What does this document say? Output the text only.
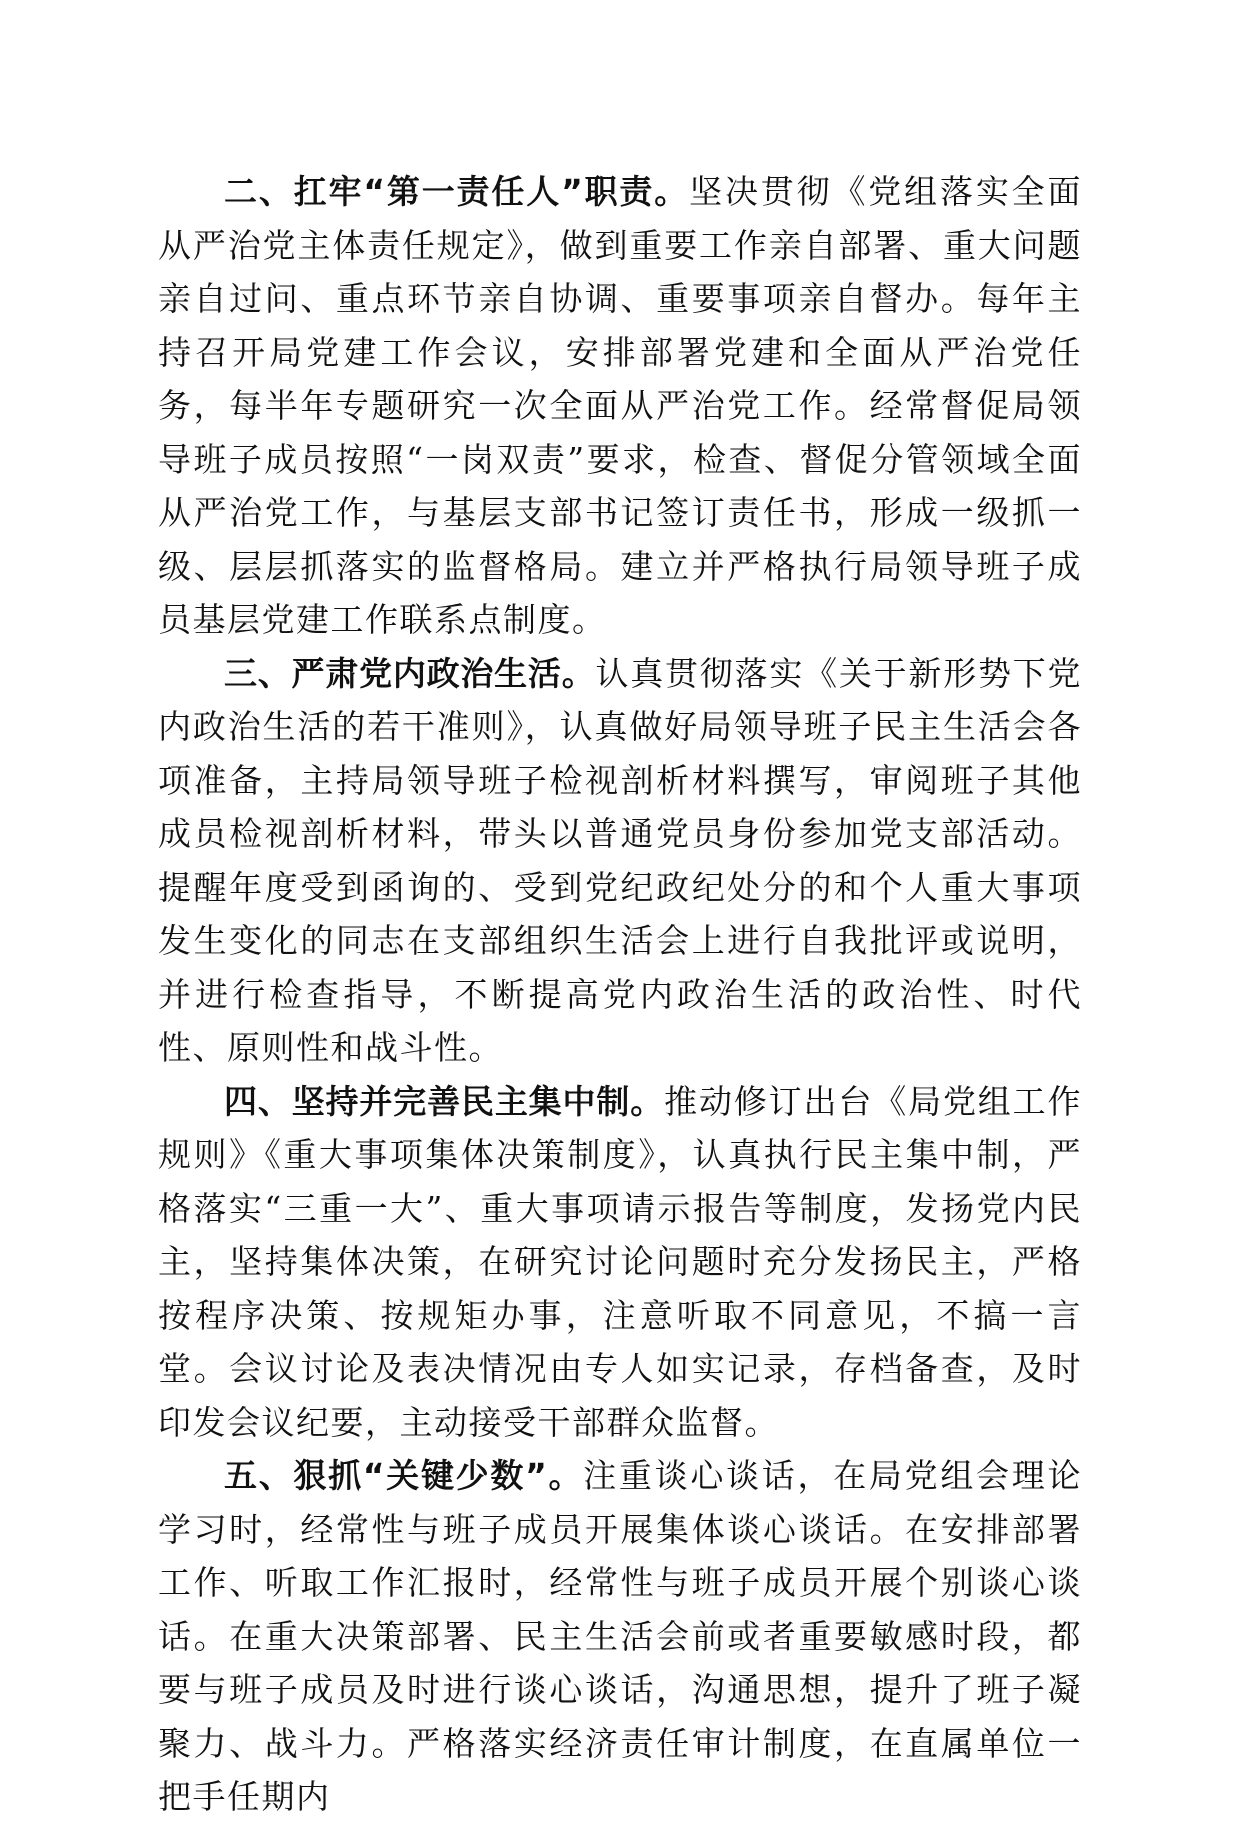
二、扛牢“第一责任人”职责。坚决贯彻《党组落实全面从严治党主体责任规定》，做到重要工作亲自部署、重大问题亲自过问、重点环节亲自协调、重要事项亲自督办。每年主持召开局党建工作会议，安排部署党建和全面从严治党任务，每半年专题研究一次全面从严治党工作。经常督促局领导班子成员按照“一岗双责”要求，检查、督促分管领域全面从严治党工作，与基层支部书记签订责任书，形成一级抓一级、层层抓落实的监督格局。建立并严格执行局领导班子成员基层党建工作联系点制度。

三、严肃党内政治生活。认真贯彻落实《关于新形势下党内政治生活的若干准则》，认真做好局领导班子民主生活会各项准备，主持局领导班子检视剖析材料撰写，审阅班子其他成员检视剖析材料，带头以普通党员身份参加党支部活动。提醒年度受到函询的、受到党纪政纪处分的和个人重大事项发生变化的同志在支部组织生活会上进行自我批评或说明，并进行检查指导，不断提高党内政治生活的政治性、时代性、原则性和战斗性。

四、坚持并完善民主集中制。推动修订出台《局党组工作规则》《重大事项集体决策制度》，认真执行民主集中制，严格落实“三重一大”、重大事项请示报告等制度，发扬党内民主，坚持集体决策，在研究讨论问题时充分发扬民主，严格按程序决策、按规矩办事，注意听取不同意见，不搞一言堂。会议讨论及表决情况由专人如实记录，存档备查，及时印发会议纪要，主动接受干部群众监督。

五、狠抓“关键少数”。注重谈心谈话，在局党组会理论学习时，经常性与班子成员开展集体谈心谈话。在安排部署工作、听取工作汇报时，经常性与班子成员开展个别谈心谈话。在重大决策部署、民主生活会前或者重要敏感时段，都要与班子成员及时进行谈心谈话，沟通思想，提升了班子凝聚力、战斗力。严格落实经济责任审计制度，在直属单位一把手任期内
